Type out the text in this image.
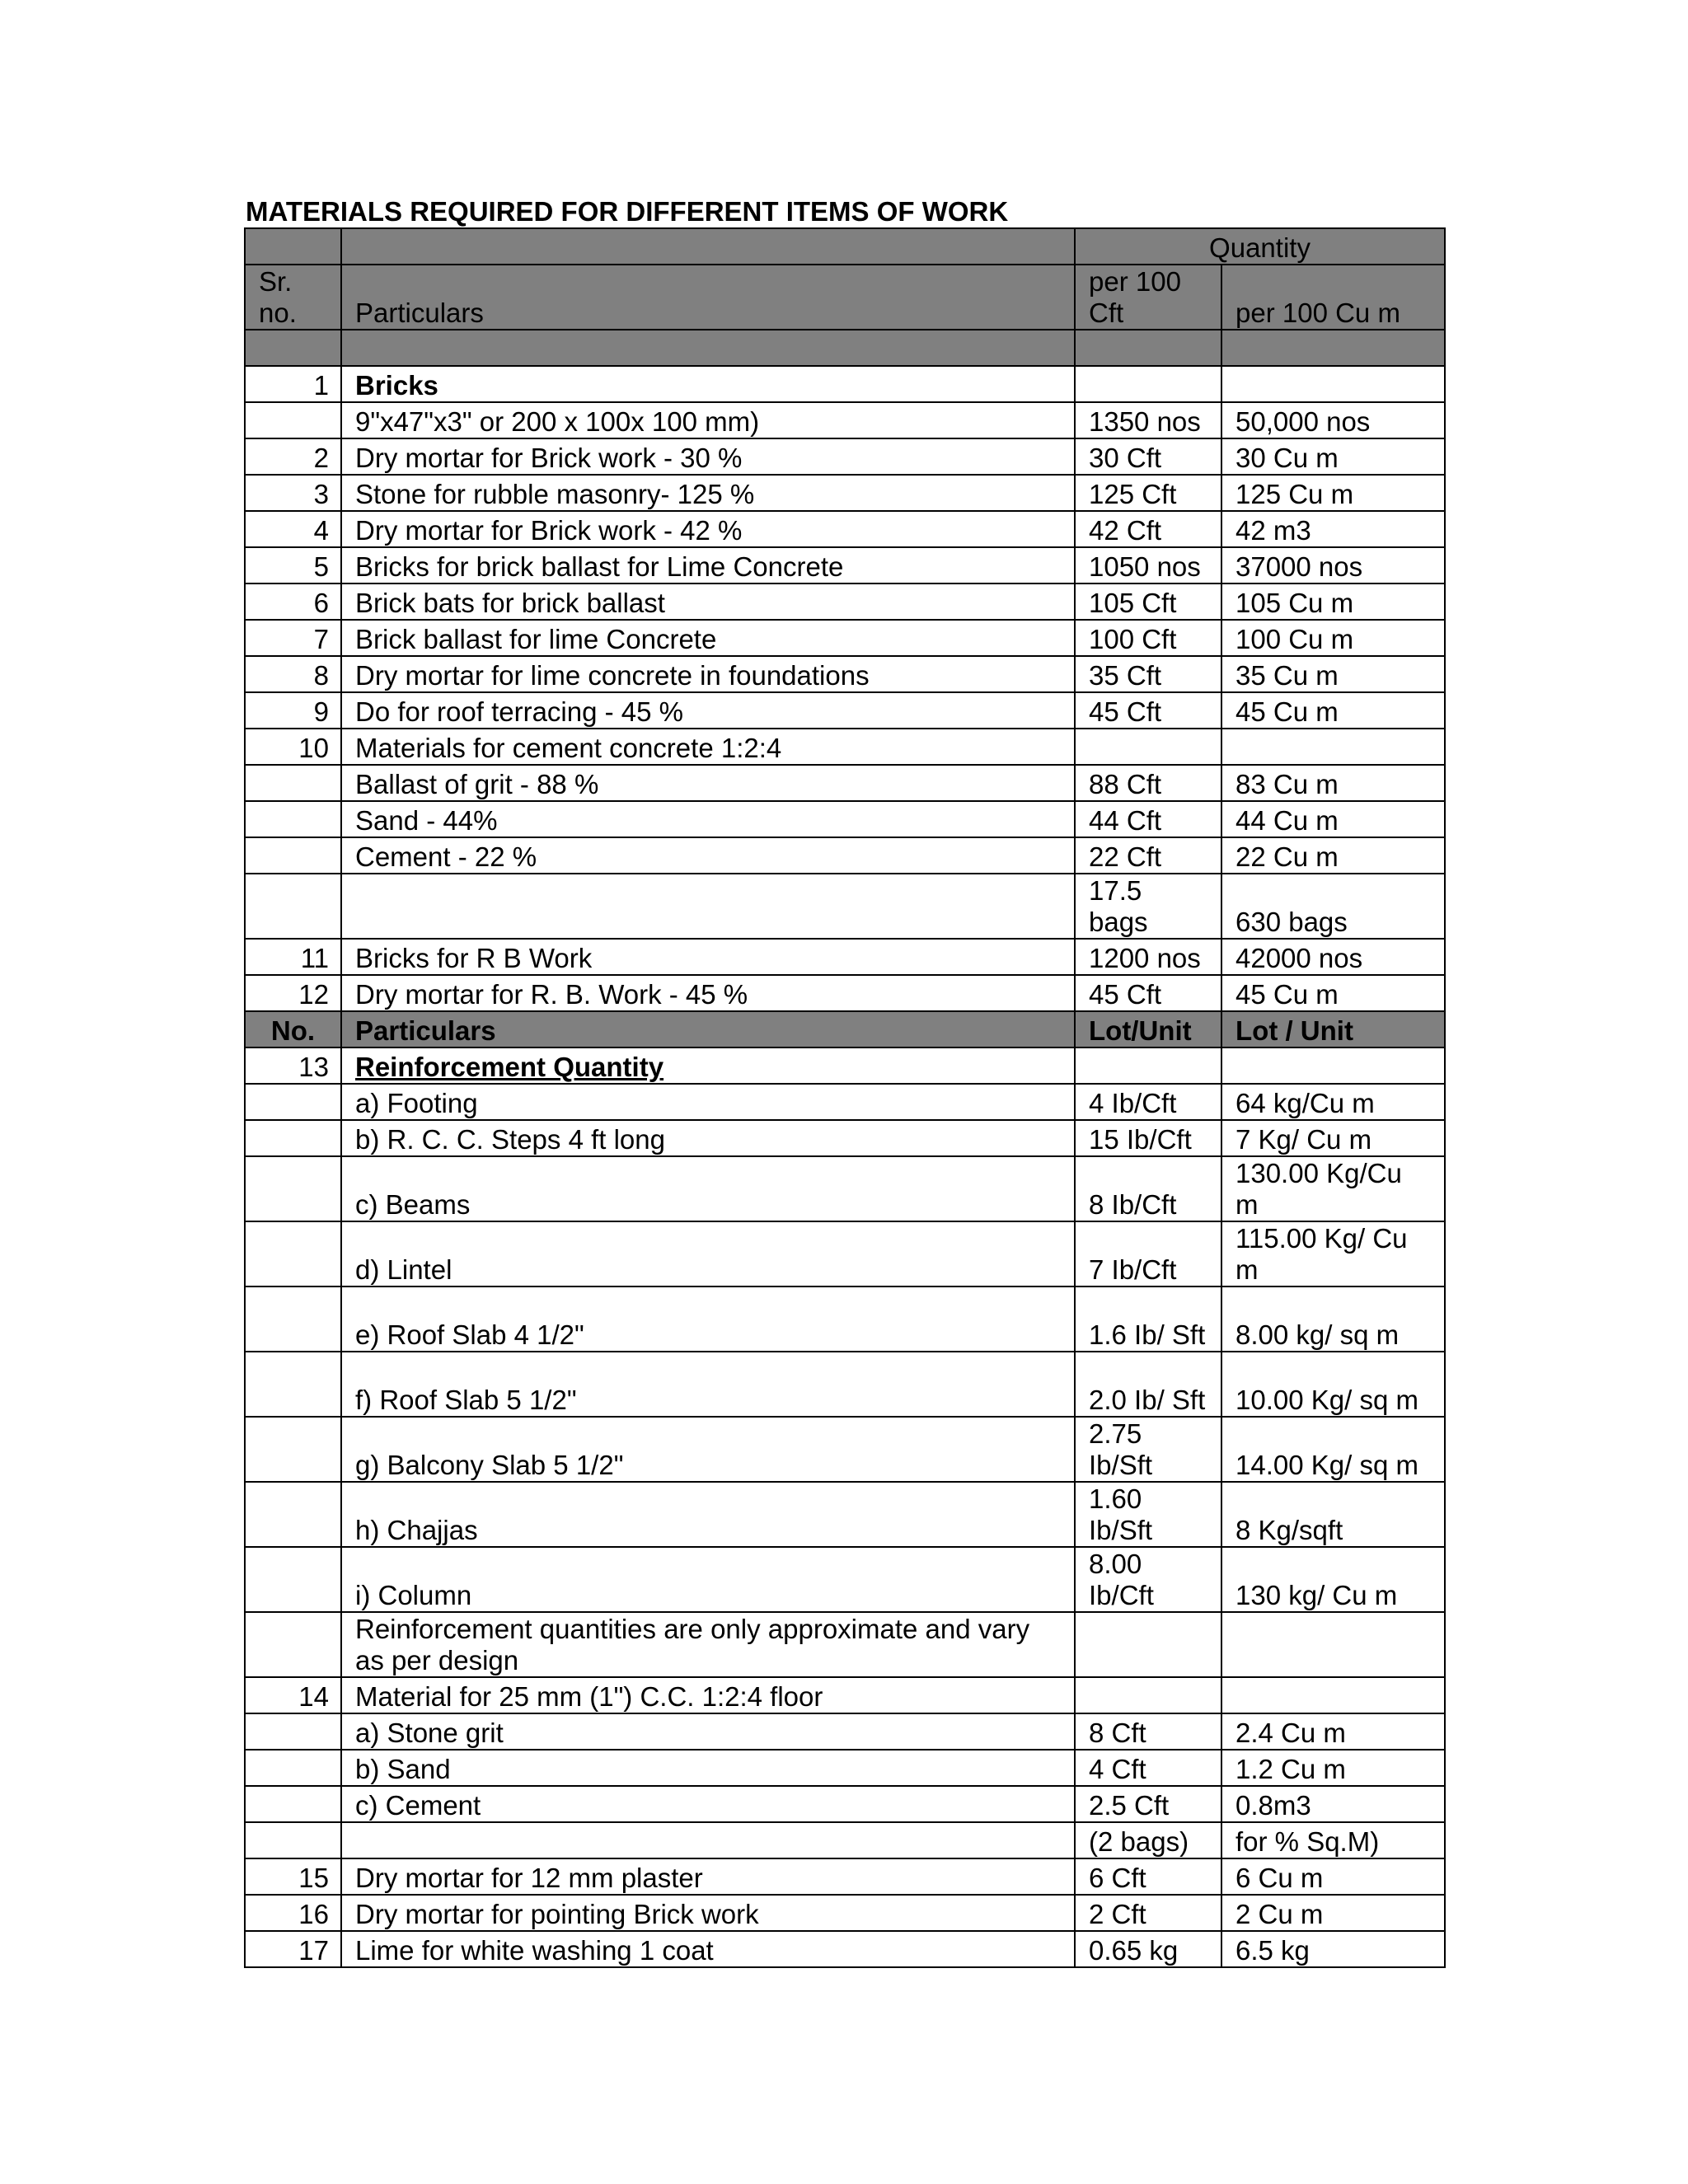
MATERIALS REQUIRED FOR DIFFERENT ITEMS OF WORK
		Quantity	
Sr. no.	Particulars	per 100 Cft	per 100 Cu m

1	Bricks		
	9"x47"x3" or 200 x 100x 100 mm)	1350 nos	50,000 nos
2	Dry mortar for Brick work - 30 %	30 Cft	30 Cu m
3	Stone for rubble masonry- 125 %	125 Cft	125 Cu m
4	Dry mortar for Brick work - 42 %	42 Cft	42 m3
5	Bricks for brick ballast for Lime Concrete	1050 nos	37000 nos
6	Brick bats for brick ballast	105 Cft	105 Cu m
7	Brick ballast for lime Concrete	100 Cft	100 Cu m
8	Dry mortar for lime concrete in foundations	35 Cft	35 Cu m
9	Do for roof terracing - 45 %	45 Cft	45 Cu m
10	Materials for cement concrete 1:2:4		
	Ballast of grit - 88 %	88 Cft	83 Cu m
	Sand - 44%	44 Cft	44 Cu m
	Cement - 22 %	22 Cft	22 Cu m
		17.5 bags	630 bags
11	Bricks for R B Work	1200 nos	42000 nos
12	Dry mortar for R. B. Work - 45 %	45 Cft	45 Cu m
No.	Particulars	Lot/Unit	Lot / Unit
13	Reinforcement Quantity		
	a) Footing	4 Ib/Cft	64 kg/Cu m
	b) R. C. C. Steps 4 ft long	15 Ib/Cft	7 Kg/ Cu m
	c) Beams	8 Ib/Cft	130.00 Kg/Cu m
	d) Lintel	7 Ib/Cft	115.00 Kg/ Cu m
	e) Roof Slab 4 1/2"	1.6 Ib/ Sft	8.00 kg/ sq m
	f) Roof Slab 5 1/2"	2.0 Ib/ Sft	10.00 Kg/ sq m
	g) Balcony Slab 5 1/2"	2.75 Ib/Sft	14.00 Kg/ sq m
	h) Chajjas	1.60 Ib/Sft	8 Kg/sqft
	i) Column	8.00 Ib/Cft	130 kg/ Cu m
	Reinforcement quantities are only approximate and vary as per design		
14	Material for 25 mm (1") C.C. 1:2:4 floor		
	a) Stone grit	8 Cft	2.4 Cu m
	b) Sand	4 Cft	1.2 Cu m
	c) Cement	2.5 Cft	0.8m3
		(2 bags)	for % Sq.M)
15	Dry mortar for 12 mm plaster	6 Cft	6 Cu m
16	Dry mortar for pointing Brick work	2 Cft	2 Cu m
17	Lime for white washing 1 coat	0.65 kg	6.5 kg
